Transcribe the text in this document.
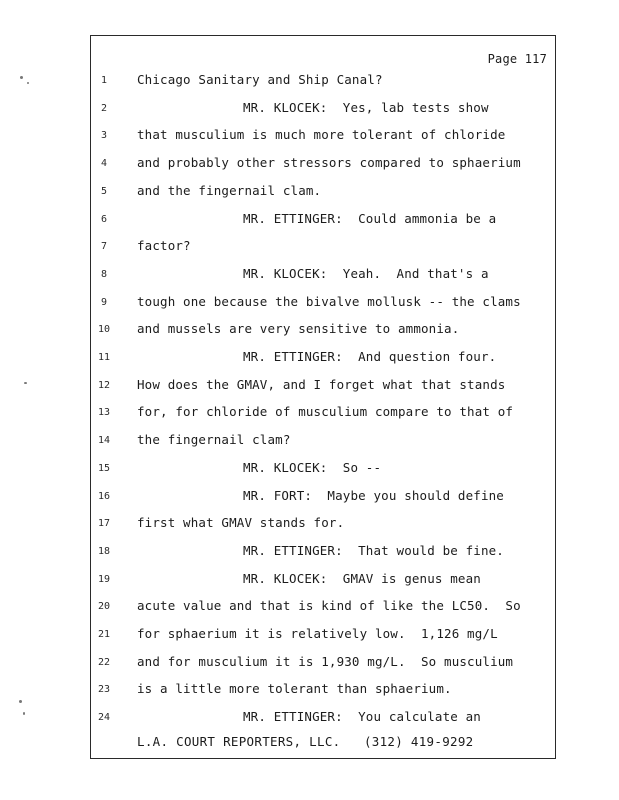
Page 117
1	Chicago Sanitary and Ship Canal?
2	MR. KLOCEK:  Yes, lab tests show
3	that musculium is much more tolerant of chloride
4	and probably other stressors compared to sphaerium
5	and the fingernail clam.
6	MR. ETTINGER:  Could ammonia be a
7	factor?
8	MR. KLOCEK:  Yeah.  And that's a
9	tough one because the bivalve mollusk -- the clams
10	and mussels are very sensitive to ammonia.
11	MR. ETTINGER:  And question four.
12	How does the GMAV, and I forget what that stands
13	for, for chloride of musculium compare to that of
14	the fingernail clam?
15	MR. KLOCEK:  So --
16	MR. FORT:  Maybe you should define
17	first what GMAV stands for.
18	MR. ETTINGER:  That would be fine.
19	MR. KLOCEK:  GMAV is genus mean
20	acute value and that is kind of like the LC50.  So
21	for sphaerium it is relatively low.  1,126 mg/L
22	and for musculium it is 1,930 mg/L.  So musculium
23	is a little more tolerant than sphaerium.
24	MR. ETTINGER:  You calculate an
L.A. COURT REPORTERS, LLC.   (312) 419-9292
